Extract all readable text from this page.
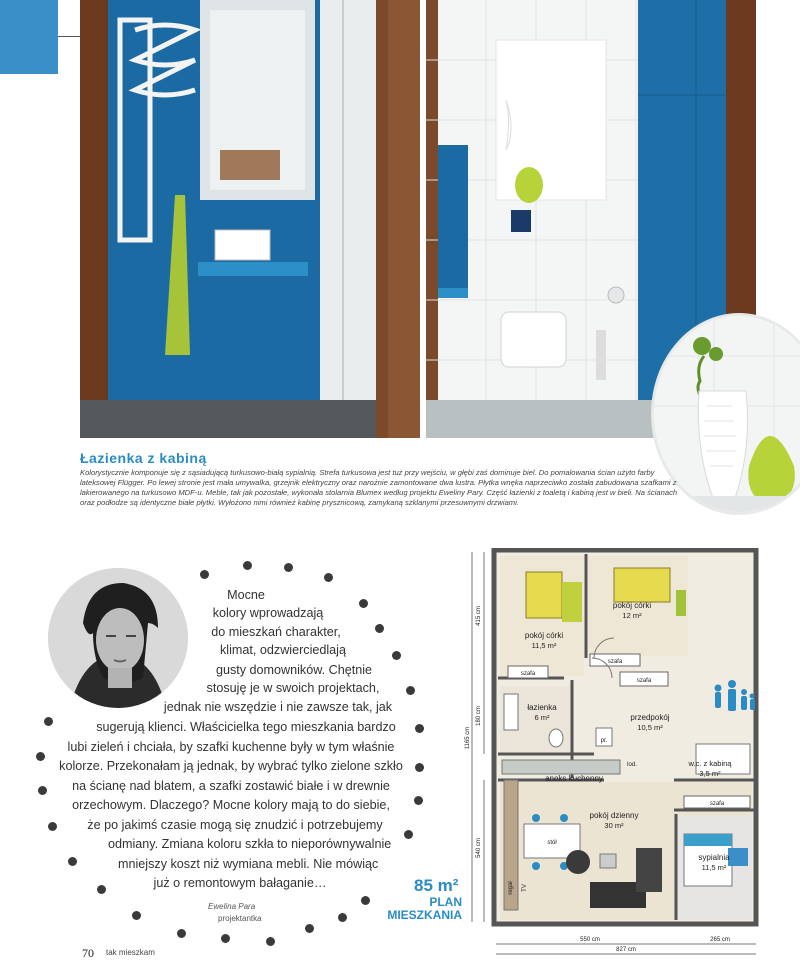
Łazienka z kabiną
Kolorystycznie komponuje się z sąsiadującą turkusowo-białą sypialnią. Strefa turkusowa jest tuż przy wejściu, w głębi zaś dominuje biel. Do pomalowania ścian użyto farby lateksowej Flügger. Po lewej stronie jest mała umywalka, grzejnik elektryczny oraz narożnie zamontowane dwa lustra. Płytka wnęka naprzeciwko została zabudowana szafkami z lakierowanego na turkusowo MDF-u. Meble, tak jak pozostałe, wykonała stolarnia Blumex według projektu Eweliny Pary. Część łazienki z toaletą i kabiną jest w bieli. Na ścianach oraz podłodze są identyczne białe płytki. Wyłożono nimi również kabinę prysznicową, zamykaną szklanymi przesuwnymi drzwiami.
Mocne
kolory wprowadzają
do mieszkań charakter,
klimat, odzwierciedlają
gusty domowników. Chętnie
stosuję je w swoich projektach,
jednak nie wszędzie i nie zawsze tak, jak
sugerują klienci. Właścicielka tego mieszkania bardzo
lubi zieleń i chciała, by szafki kuchenne były w tym właśnie
kolorze. Przekonałam ją jednak, by wybrać tylko zielone szkło
na ścianę nad blatem, a szafki zostawić białe i w drewnie
orzechowym. Dlaczego? Mocne kolory mają to do siebie,
że po jakimś czasie mogą się znudzić i potrzebujemy
odmiany. Zmiana koloru szkła to nieporównywalnie
mniejszy koszt niż wymiana mebli. Nie mówiąc
już o remontowym bałaganie…
Ewelina Para
projektantka
85 m²
PLAN
MIESZKANIA
pokój córki
11,5 m²
pokój córki
12 m²
łazienka
6 m²	przedpokój
10,5 m²
w.c. z kabiną
3,5 m²
aneks kuchenny
pokój dzienny
30 m²
sypialnia
11,5 m²
szafa
szafa
szafa
szafa
pr.
lod.
stół
TV
regał
415 cm
180 cm
1165 cm
540 cm
550 cm	265 cm
827 cm
70 tak mieszkam
